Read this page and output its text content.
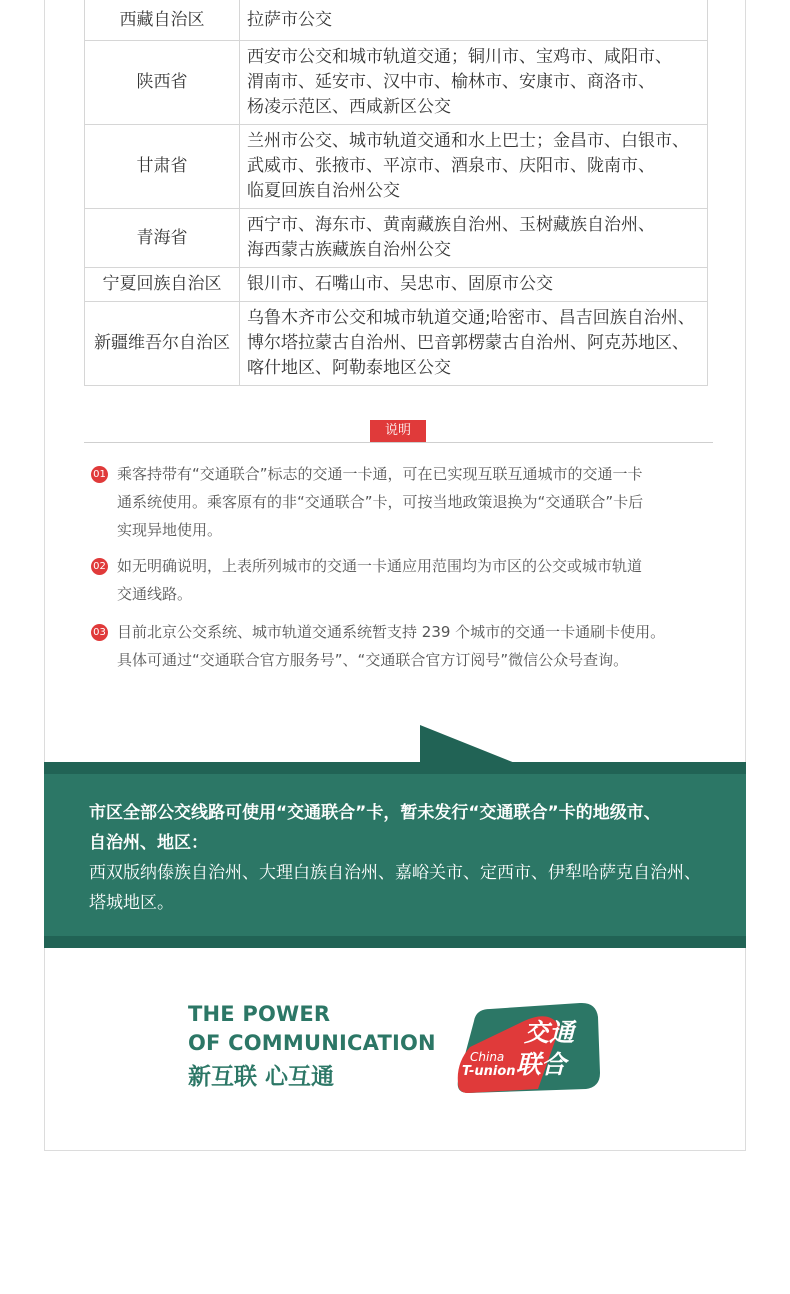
西藏自治区	拉萨市公交

陕西省	西安市公交和城市轨道交通；铜川市、宝鸡市、咸阳市、
渭南市、延安市、汉中市、榆林市、安康市、商洛市、
杨凌示范区、西咸新区公交

甘肃省	兰州市公交、城市轨道交通和水上巴士；金昌市、白银市、
武威市、张掖市、平凉市、酒泉市、庆阳市、陇南市、
临夏回族自治州公交

青海省	西宁市、海东市、黄南藏族自治州、玉树藏族自治州、
海西蒙古族藏族自治州公交

宁夏回族自治区	银川市、石嘴山市、吴忠市、固原市公交

新疆维吾尔自治区	乌鲁木齐市公交和城市轨道交通;哈密市、昌吉回族自治州、
博尔塔拉蒙古自治州、巴音郭楞蒙古自治州、阿克苏地区、
喀什地区、阿勒泰地区公交
说明
01 乘客持带有“交通联合”标志的交通一卡通，可在已实现互联互通城市的交通一卡
通系统使用。乘客原有的非“交通联合”卡，可按当地政策退换为“交通联合”卡后
实现异地使用。
02 如无明确说明，上表所列城市的交通一卡通应用范围均为市区的公交或城市轨道
交通线路。
03 目前北京公交系统、城市轨道交通系统暂支持 239 个城市的交通一卡通刷卡使用。
具体可通过“交通联合官方服务号”、“交通联合官方订阅号”微信公众号查询。
市区全部公交线路可使用“交通联合”卡，暂未发行“交通联合”卡的地级市、
自治州、地区：
西双版纳傣族自治州、大理白族自治州、嘉峪关市、定西市、伊犁哈萨克自治州、
塔城地区。
THE POWER
OF COMMUNICATION
新互联 心互通
交通
联合
China
T-union
